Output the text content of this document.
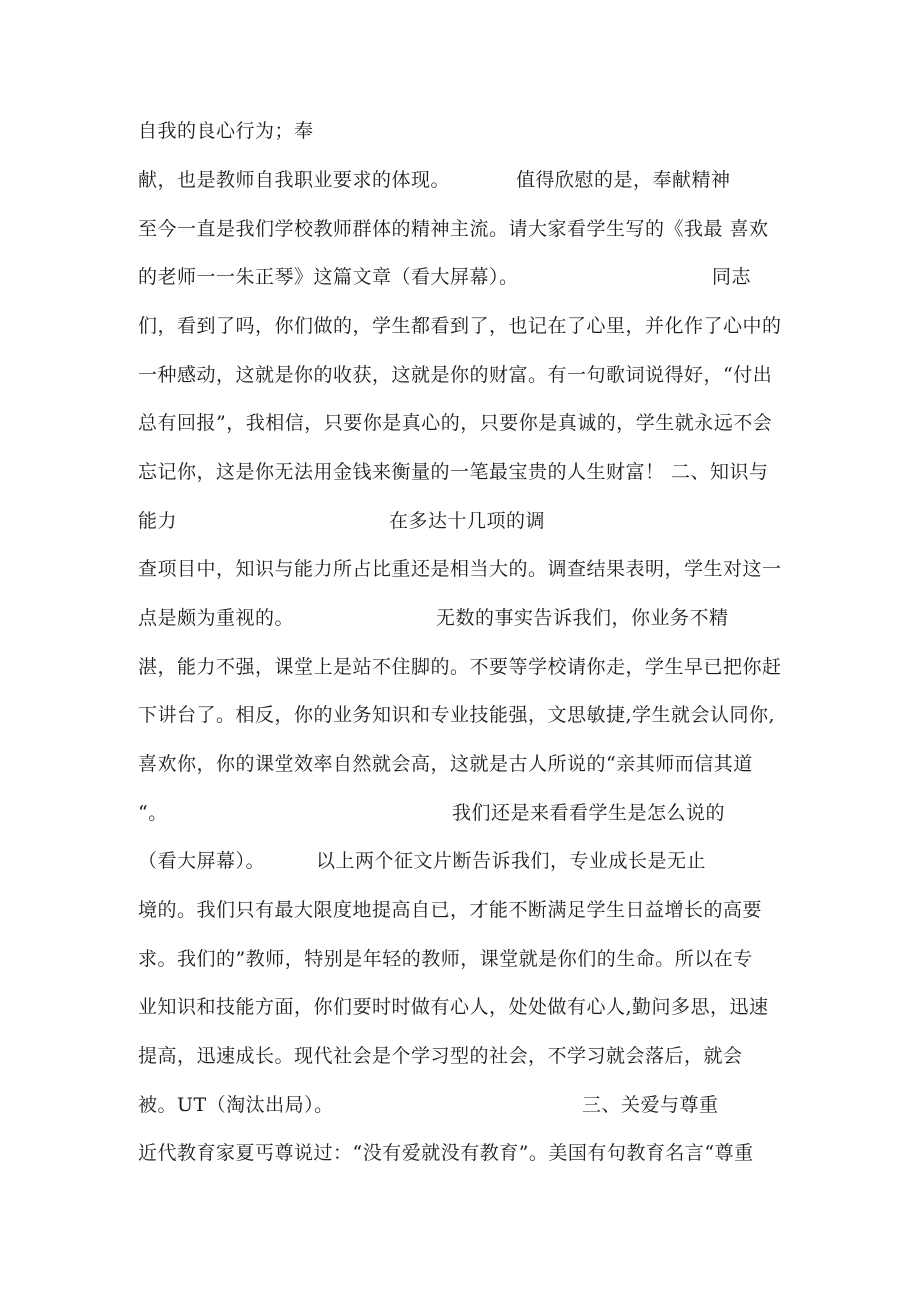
自我的良心行为；奉
献，也是教师自我职业要求的体现。	值得欣慰的是，奉献精神
至今一直是我们学校教师群体的精神主流。请大家看学生写的《我最 喜欢
的老师一一朱正琴》这篇文章（看大屏幕）。	同志
们，看到了吗，你们做的，学生都看到了，也记在了心里，并化作了心中的
一种感动，这就是你的收获，这就是你的财富。有一句歌词说得好，“付出
总有回报”，我相信，只要你是真心的，只要你是真诚的，学生就永远不会
忘记你，这是你无法用金钱来衡量的一笔最宝贵的人生财富！ 二、知识与
能力	在多达十几项的调
查项目中，知识与能力所占比重还是相当大的。调查结果表明，学生对这一
点是颇为重视的。	无数的事实告诉我们，你业务不精
湛，能力不强，课堂上是站不住脚的。不要等学校请你走，学生早已把你赶
下讲台了。相反，你的业务知识和专业技能强，文思敏捷,学生就会认同你,
喜欢你，你的课堂效率自然就会高，这就是古人所说的“亲其师而信其道
“。	我们还是来看看学生是怎么说的
（看大屏幕）。	以上两个征文片断告诉我们，专业成长是无止
境的。我们只有最大限度地提高自已，才能不断满足学生日益增长的高要
求。我们的”教师，特别是年轻的教师，课堂就是你们的生命。所以在专
业知识和技能方面，你们要时时做有心人，处处做有心人,勤问多思，迅速
提高，迅速成长。现代社会是个学习型的社会，不学习就会落后，就会
被。UT（淘汰出局）。	三、关爱与尊重
近代教育家夏丐尊说过：“没有爱就没有教育”。美国有句教育名言“尊重
